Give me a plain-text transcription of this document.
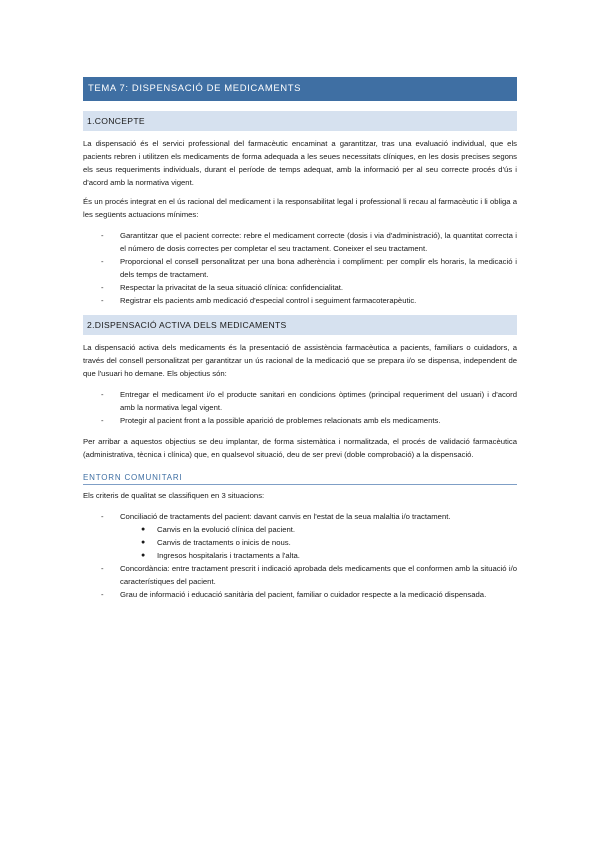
TEMA 7: DISPENSACIÓ DE MEDICAMENTS
1.CONCEPTE

La dispensació és el servici professional del farmacèutic encaminat a garantitzar, tras una evaluació individual, que els pacients rebren i utilitzen els medicaments de forma adequada a les seues necessitats clíniques, en les dosis precises segons els seus requeriments individuals, durant el període de temps adequat, amb la informació per al seu correcte procés d'ús i d'acord amb la normativa vigent.

És un procés integrat en el ús racional del medicament i la responsabilitat legal i professional li recau al farmacèutic i li obliga a les següents actuacions mínimes:

- Garantitzar que el pacient correcte: rebre el medicament correcte (dosis i via d'administració), la quantitat correcta i el número de dosis correctes per completar el seu tractament. Coneixer el seu tractament.
- Proporcional el consell personalitzat per una bona adherència i compliment: per complir els horaris, la medicació i dels temps de tractament.
- Respectar la privacitat de la seua situació clínica: confidencialitat.
- Registrar els pacients amb medicació d'especial control i seguiment farmacoterapèutic.
2.DISPENSACIÓ ACTIVA DELS MEDICAMENTS

La dispensació activa dels medicaments és la presentació de assistència farmacèutica a pacients, familiars o cuidadors, a través del consell personalitzat per garantitzar un ús racional de la medicació que se prepara i/o se dispensa, independent de que l'usuari ho demane. Els objectius són:

- Entregar el medicament i/o el producte sanitari en condicions òptimes (principal requeriment del usuari) i d'acord amb la normativa legal vigent.
- Protegir al pacient front a la possible aparició de problemes relacionats amb els medicaments.

Per arribar a aquestos objectius se deu implantar, de forma sistemàtica i normalitzada, el procés de validació farmacèutica (administrativa, tècnica i clínica) que, en qualsevol situació, deu de ser previ (doble comprobació) a la dispensació.

ENTORN COMUNITARI

Els criteris de qualitat se classifiquen en 3 situacions:

- Conciliació de tractaments del pacient: davant canvis en l'estat de la seua malaltia i/o tractament.
● Canvis en la evolució clínica del pacient.
● Canvis de tractaments o inicis de nous.
● Ingresos hospitalaris i tractaments a l'alta.
- Concordància: entre tractament prescrit i indicació aprobada dels medicaments que el conformen amb la situació i/o característiques del pacient.
- Grau de informació i educació sanitària del pacient, familiar o cuidador respecte a la medicació dispensada.
